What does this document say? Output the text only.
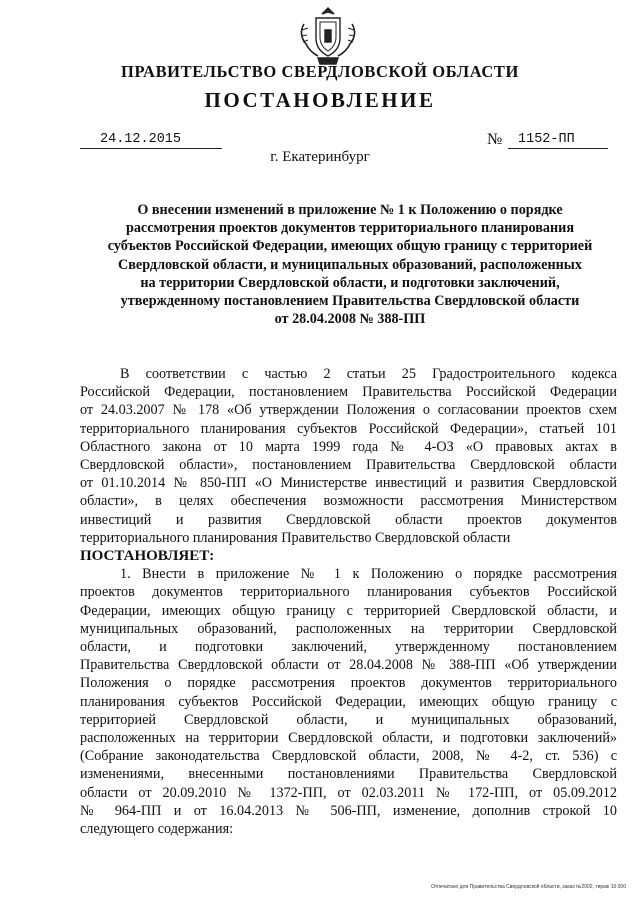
ПРАВИТЕЛЬСТВО СВЕРДЛОВСКОЙ ОБЛАСТИ
ПОСТАНОВЛЕНИЕ
24.12.2015	№	1152-ПП
г. Екатеринбург
О внесении изменений в приложение № 1 к Положению о порядке
рассмотрения проектов документов территориального планирования
субъектов Российской Федерации, имеющих общую границу с территорией
Свердловской области, и муниципальных образований, расположенных
на территории Свердловской области, и подготовки заключений,
утвержденному постановлением Правительства Свердловской области
от 28.04.2008 № 388-ПП
В соответствии с частью 2 статьи 25 Градостроительного кодекса
Российской Федерации, постановлением Правительства Российской Федерации
от 24.03.2007 № 178 «Об утверждении Положения о согласовании проектов схем
территориального планирования субъектов Российской Федерации», статьей 101
Областного закона от 10 марта 1999 года № 4-ОЗ «О правовых актах в
Свердловской области», постановлением Правительства Свердловской области
от 01.10.2014 № 850-ПП «О Министерстве инвестиций и развития Свердловской
области», в целях обеспечения возможности рассмотрения Министерством
инвестиций и развития Свердловской области проектов документов
территориального планирования Правительство Свердловской области
ПОСТАНОВЛЯЕТ:
1. Внести в приложение № 1 к Положению о порядке рассмотрения
проектов документов территориального планирования субъектов Российской
Федерации, имеющих общую границу с территорией Свердловской области, и
муниципальных образований, расположенных на территории Свердловской
области, и подготовки заключений, утвержденному постановлением
Правительства Свердловской области от 28.04.2008 № 388-ПП «Об утверждении
Положения о порядке рассмотрения проектов документов территориального
планирования субъектов Российской Федерации, имеющих общую границу с
территорией Свердловской области, и муниципальных образований,
расположенных на территории Свердловской области, и подготовки заключений»
(Собрание законодательства Свердловской области, 2008, № 4-2, ст. 536) с
изменениями, внесенными постановлениями Правительства Свердловской
области от 20.09.2010 № 1372-ПП, от 02.03.2011 № 172-ПП, от 05.09.2012
№ 964-ПП и от 16.04.2013 № 506-ПП, изменение, дополнив строкой 10
следующего содержания:
Отпечатано для Правительства Свердловской области, заказ №2002, тираж 10 000
